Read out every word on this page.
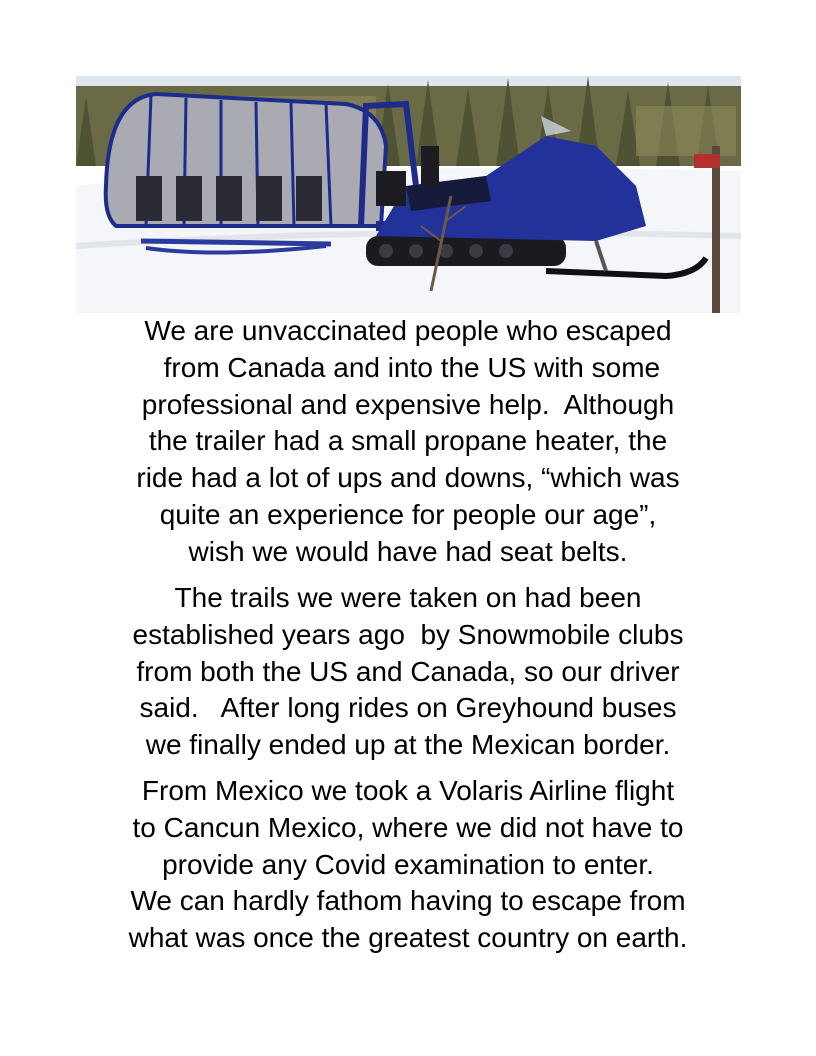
We are unvaccinated people who escaped
from Canada and into the US with some
professional and expensive help.  Although
the trailer had a small propane heater, the
ride had a lot of ups and downs, “which was
quite an experience for people our age”,
wish we would have had seat belts.
The trails we were taken on had been
established years ago  by Snowmobile clubs
from both the US and Canada, so our driver
said.   After long rides on Greyhound buses
we finally ended up at the Mexican border.
From Mexico we took a Volaris Airline flight
to Cancun Mexico, where we did not have to
provide any Covid examination to enter.
We can hardly fathom having to escape from
what was once the greatest country on earth.
